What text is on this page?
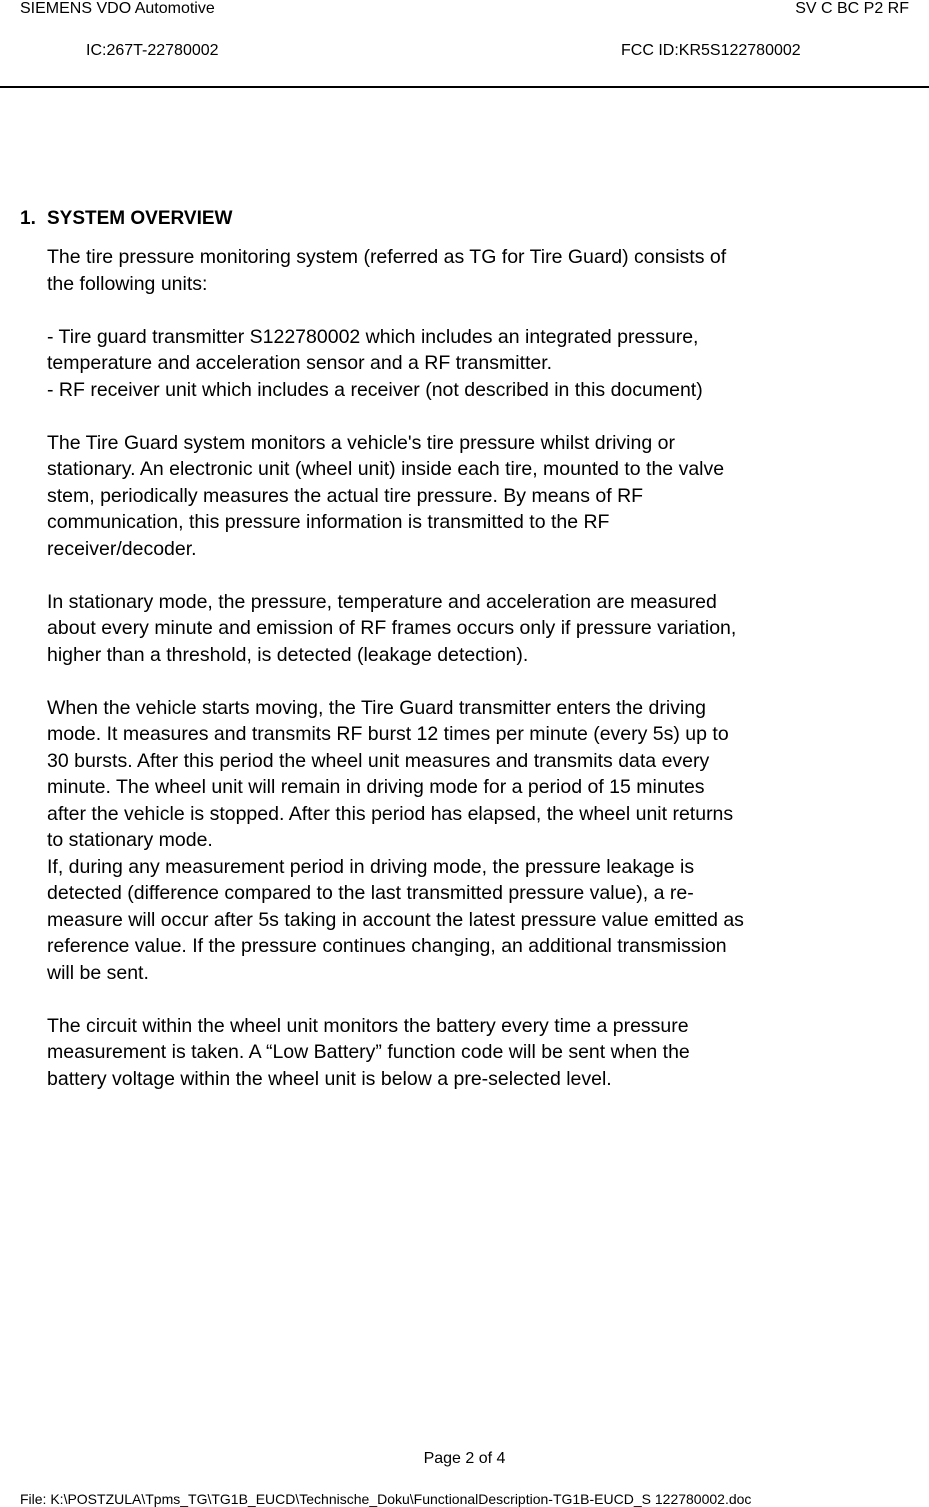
SIEMENS VDO Automotive	SV C BC P2 RF
IC:267T-22780002	FCC ID:KR5S122780002
1. SYSTEM OVERVIEW
The tire pressure monitoring system (referred as TG for Tire Guard) consists of
the following units:
- Tire guard transmitter S122780002 which includes an integrated pressure,
temperature and acceleration sensor and a RF transmitter.
- RF receiver unit which includes a receiver (not described in this document)
The Tire Guard system monitors a vehicle's tire pressure whilst driving or
stationary. An electronic unit (wheel unit) inside each tire, mounted to the valve
stem, periodically measures the actual tire pressure. By means of RF
communication, this pressure information is transmitted to the RF
receiver/decoder.
In stationary mode, the pressure, temperature and acceleration are measured
about every minute and emission of RF frames occurs only if pressure variation,
higher than a threshold, is detected (leakage detection).
When the vehicle starts moving, the Tire Guard transmitter enters the driving
mode. It measures and transmits RF burst 12 times per minute (every 5s) up to
30 bursts. After this period the wheel unit measures and transmits data every
minute. The wheel unit will remain in driving mode for a period of 15 minutes
after the vehicle is stopped. After this period has elapsed, the wheel unit returns
to stationary mode.
If, during any measurement period in driving mode, the pressure leakage is
detected (difference compared to the last transmitted pressure value), a re-
measure will occur after 5s taking in account the latest pressure value emitted as
reference value. If the pressure continues changing, an additional transmission
will be sent.
The circuit within the wheel unit monitors the battery every time a pressure
measurement is taken. A “Low Battery” function code will be sent when the
battery voltage within the wheel unit is below a pre-selected level.
Page 2 of 4
File: K:\POSTZULA\Tpms_TG\TG1B_EUCD\Technische_Doku\FunctionalDescription-TG1B-EUCD_S 122780002.doc
